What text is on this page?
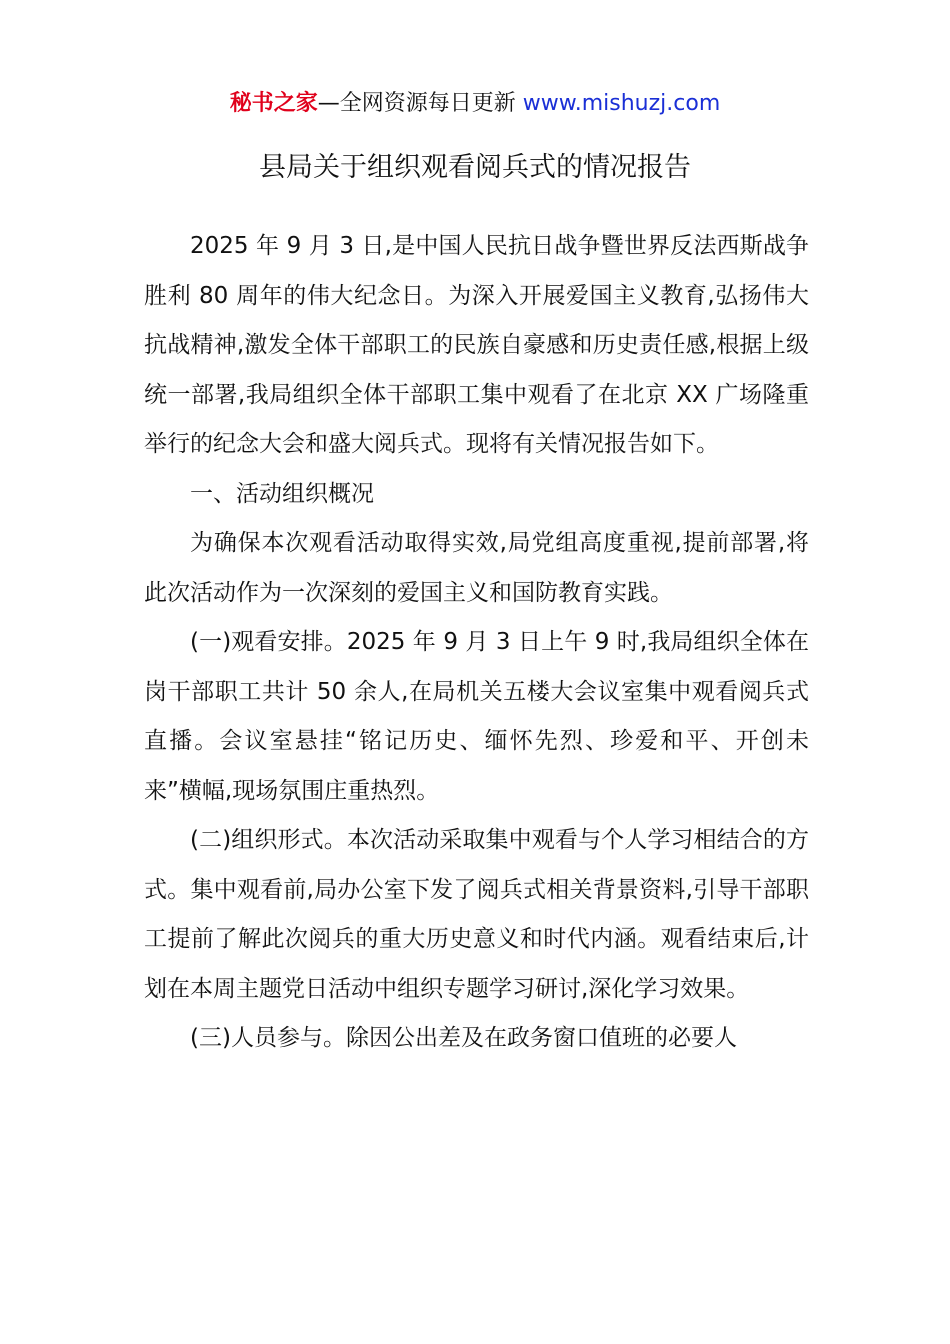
秘书之家—全网资源每日更新 www.mishuzj.com
县局关于组织观看阅兵式的情况报告

2025 年 9 月 3 日,是中国人民抗日战争暨世界反法西斯战争胜利 80 周年的伟大纪念日。为深入开展爱国主义教育,弘扬伟大抗战精神,激发全体干部职工的民族自豪感和历史责任感,根据上级统一部署,我局组织全体干部职工集中观看了在北京 XX 广场隆重举行的纪念大会和盛大阅兵式。现将有关情况报告如下。

一、活动组织概况

为确保本次观看活动取得实效,局党组高度重视,提前部署,将此次活动作为一次深刻的爱国主义和国防教育实践。

(一)观看安排。2025 年 9 月 3 日上午 9 时,我局组织全体在岗干部职工共计 50 余人,在局机关五楼大会议室集中观看阅兵式直播。会议室悬挂“铭记历史、缅怀先烈、珍爱和平、开创未来”横幅,现场氛围庄重热烈。

(二)组织形式。本次活动采取集中观看与个人学习相结合的方式。集中观看前,局办公室下发了阅兵式相关背景资料,引导干部职工提前了解此次阅兵的重大历史意义和时代内涵。观看结束后,计划在本周主题党日活动中组织专题学习研讨,深化学习效果。

(三)人员参与。除因公出差及在政务窗口值班的必要人
